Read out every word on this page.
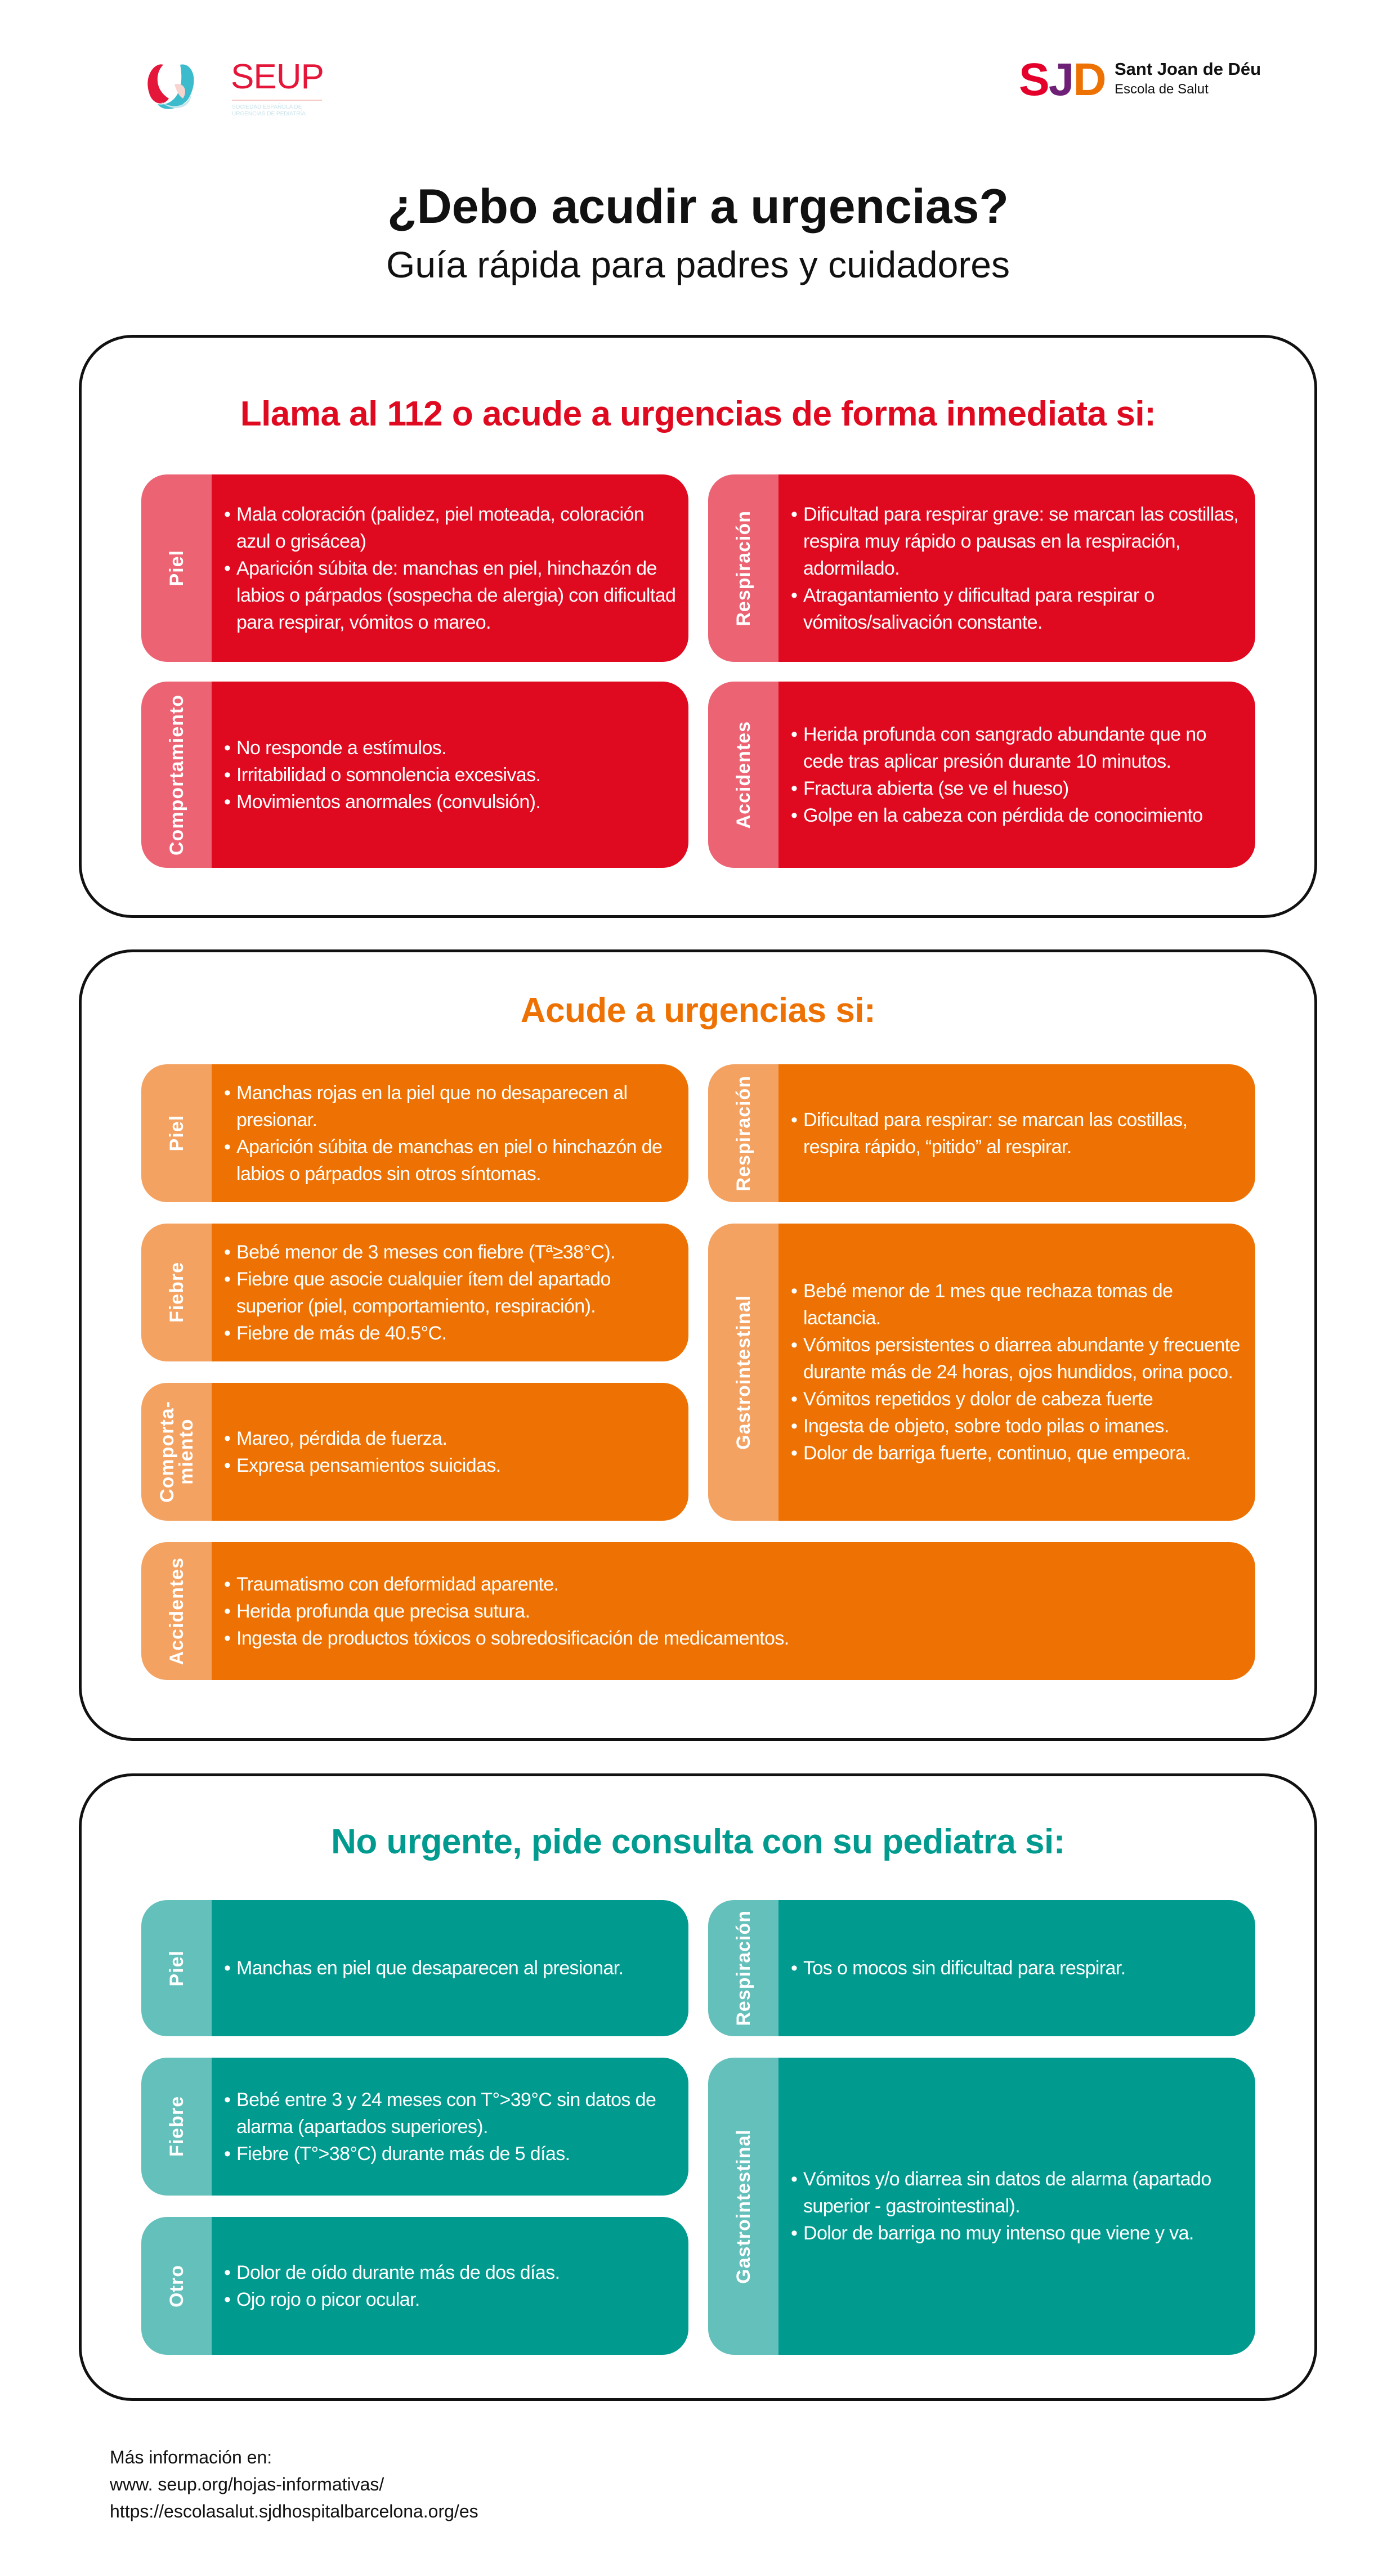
SEUP
SOCIEDAD ESPAÑOLA DE URGENCIAS DE PEDIATRÍA
SJD Sant Joan de Déu
Escola de Salut
¿Debo acudir a urgencias?
Guía rápida para padres y cuidadores
Llama al 112 o acude a urgencias de forma inmediata si:
Piel
• Mala coloración (palidez, piel moteada, coloración azul o grisácea)
• Aparición súbita de: manchas en piel, hinchazón de labios o párpados (sospecha de alergia) con dificultad para respirar, vómitos o mareo.	Respiración	• Dificultad para respirar grave: se marcan las costillas, respira muy rápido o pausas en la respiración, adormilado.
• Atragantamiento y dificultad para respirar o vómitos/salivación constante.
Comportamiento	• No responde a estímulos.
• Irritabilidad o somnolencia excesivas.
• Movimientos anormales (convulsión).	Accidentes	• Herida profunda con sangrado abundante que no cede tras aplicar presión durante 10 minutos.
• Fractura abierta (se ve el hueso)
• Golpe en la cabeza con pérdida de conocimiento
Acude a urgencias si:
Piel
• Manchas rojas en la piel que no desaparecen al presionar.
• Aparición súbita de manchas en piel o hinchazón de labios o párpados sin otros síntomas.	Respiración	• Dificultad para respirar: se marcan las costillas, respira rápido, “pitido” al respirar.
Fiebre
• Bebé menor de 3 meses con fiebre (Tª≥38°C).
• Fiebre que asocie cualquier ítem del apartado superior (piel, comportamiento, respiración).
• Fiebre de más de 40.5°C.	Gastrointestinal
• Bebé menor de 1 mes que rechaza tomas de lactancia.
• Vómitos persistentes o diarrea abundante y frecuente durante más de 24 horas, ojos hundidos, orina poco.
• Vómitos repetidos y dolor de cabeza fuerte
• Ingesta de objeto, sobre todo pilas o imanes.
• Dolor de barriga fuerte, continuo, que empeora.
Comporta-
miento	• Mareo, pérdida de fuerza.
• Expresa pensamientos suicidas.
Accidentes	• Traumatismo con deformidad aparente.
• Herida profunda que precisa sutura.
• Ingesta de productos tóxicos o sobredosificación de medicamentos.
No urgente, pide consulta con su pediatra si:
Piel	• Manchas en piel que desaparecen al presionar.	Respiración	• Tos o mocos sin dificultad para respirar.
Fiebre	• Bebé entre 3 y 24 meses con T°>39°C sin datos de alarma (apartados superiores).
• Fiebre (T°>38°C) durante más de 5 días.	Gastrointestinal	• Vómitos y/o diarrea sin datos de alarma (apartado superior - gastrointestinal).
• Dolor de barriga no muy intenso que viene y va.
Otro	• Dolor de oído durante más de dos días.
• Ojo rojo o picor ocular.
Más información en:
www. seup.org/hojas-informativas/
https://escolasalut.sjdhospitalbarcelona.org/es
